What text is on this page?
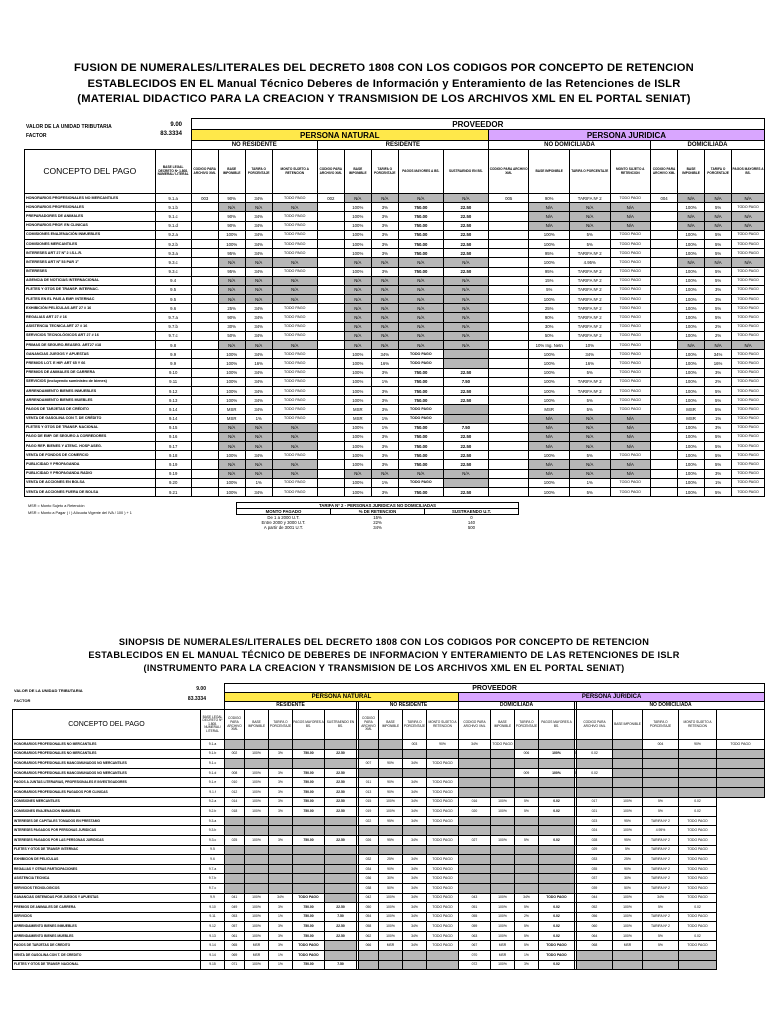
FUSION DE NUMERALES/LITERALES DEL DECRETO 1808 CON LOS CODIGOS POR CONCEPTO DE RETENCION
ESTABLECIDOS EN EL Manual Técnico Deberes de Información y Enteramiento de las Retenciones de ISLR
(MATERIAL DIDACTICO PARA LA CREACION Y TRANSMISION DE LOS ARCHIVOS XML EN EL PORTAL SENIAT)
VALOR DE LA UNIDAD TRIBUTARIA	9.00
FACTOR	83.3334
		PROVEEDOR																
		PERSONA NATURAL									PERSONA JURIDICA							
		NO RESIDENTE				RESIDENTE					NO DOMICILIADA				DOMICILIADA			
CONCEPTO DEL PAGO	BASE LEGAL DECRETO Nº 1.808. NUMERAL/ LITERAL	CODIGO PARA ARCHIVO XML	BASE IMPONIBLE	TARIFA O PORCENTAJE	MONTO SUJETO A RETENCION	CODIGO PARA ARCHIVO XML	BASE IMPONIBLE	TARIFA O PORCENTAJE	PAGOS MAYORES A BS.	SUSTRAENDO EN BS.	CODIGO PARA ARCHIVO XML	BASE IMPONIBLE	TARIFA O PORCENTAJE	MONTO SUJETO A RETENCION	CODIGO PARA ARCHIVO XML	BASE IMPONIBLE	TARIFA O PORCENTAJE	PAGOS MAYORES A BS.
HONORARIOS PROFESIONALES NO MERCANTILES	9.1.a	003	90%	34%	TODO PAGO	002	N/A	N/A	N/A	N/A	005	90%	TARIFA Nº 2	TODO PAGO	004	N/A	N/A	N/A
HONORARIOS PROFESIONALES	9.1.b		N/A	N/A	N/A		100%	3%	750.00	22.50		N/A	N/A	N/A		100%	5%	TODO PAGO
PREPARADORES DE ANIMALES	9.1.c		90%	34%	TODO PAGO		100%	3%	750.00	22.50		N/A	N/A	N/A		N/A	N/A	N/A
HONORARIOS PROF. EN CLINICAS	9.1.d		90%	34%	TODO PAGO		100%	3%	750.00	22.50		N/A	N/A	N/A		N/A	N/A	N/A
COMISIONES ENAJENACIÓN INMUEBLES	9.2.a		100%	34%	TODO PAGO		100%	3%	750.00	22.50		100%	5%	TODO PAGO		100%	5%	TODO PAGO
COMISIONES MERCANTILES	9.2.b		100%	34%	TODO PAGO		100%	3%	750.00	22.50		100%	5%	TODO PAGO		100%	5%	TODO PAGO
INTERESES ART 27 Nº 2 I.S.L.R.	9.3.a		95%	34%	TODO PAGO		100%	3%	750.00	22.50		95%	TARIFA Nº 2	TODO PAGO		100%	5%	TODO PAGO
INTERESES ART Nº 53 PAR 1º	9.3.c		N/A	N/A	N/A		N/A	N/A	N/A	N/A		100%	4.95%	TODO PAGO		N/A	N/A	N/A
INTERESES	9.3.c		95%	34%	TODO PAGO		100%	3%	750.00	22.50		95%	TARIFA Nº 2	TODO PAGO		100%	5%	TODO PAGO
AGENCIA DE NOTICIAS INTERNACIONAL	9.4		N/A	N/A	N/A		N/A	N/A	N/A	N/A		15%	TARIFA Nº 2	TODO PAGO		100%	5%	TODO PAGO
FLETES Y GTOS DE TRANSP. INTERNAC.	9.5		N/A	N/A	N/A		N/A	N/A	N/A	N/A		5%	TARIFA Nº 2	TODO PAGO		100%	3%	TODO PAGO
FLETES EN EL PAIS A EMP. INTERNAC	9.5		N/A	N/A	N/A		N/A	N/A	N/A	N/A		100%	TARIFA Nº 2	TODO PAGO		100%	3%	TODO PAGO
EXHIBICIÓN PELÍCULAS ART 27 # 16	9.6		25%	34%	TODO PAGO		N/A	N/A	N/A	N/A		25%	TARIFA Nº 2	TODO PAGO		100%	5%	TODO PAGO
REGALIAS ART 27 # 16	9.7.a		90%	34%	TODO PAGO		N/A	N/A	N/A	N/A		90%	TARIFA Nº 2	TODO PAGO		100%	5%	TODO PAGO
ASISTENCIA TECNICA ART 27 # 16	9.7.b		30%	34%	TODO PAGO		N/A	N/A	N/A	N/A		30%	TARIFA Nº 2	TODO PAGO		100%	2%	TODO PAGO
SERVICIOS TECNOLÓGICOS ART 27 # 16	9.7.c		50%	34%	TODO PAGO		N/A	N/A	N/A	N/A		50%	TARIFA Nº 2	TODO PAGO		100%	2%	TODO PAGO
PRIMAS DE SEGURO-REASEG. ART27 #18	9.8		N/A	N/A	N/A		N/A	N/A	N/A	N/A		10% Ing. Netn	10%	TODO PAGO		N/A	N/A	N/A
GANANCIAS JUEGOS Y APUESTAS	9.9		100%	34%	TODO PAGO		100%	34%	TODO PAGO			100%	34%	TODO PAGO		100%	34%	TODO PAGO
PREMIOS LOT. E HIP. ART 65 Y 66	9.9		100%	16%	TODO PAGO		100%	16%	TODO PAGO			100%	16%	TODO PAGO		100%	16%	TODO PAGO
PREMIOS DE ANIMALES DE CARRERA	9.10		100%	34%	TODO PAGO		100%	3%	750.00	22.50		100%	5%	TODO PAGO		100%	3%	TODO PAGO
SERVICIOS (incluyendo suministro de bienes)	9.11		100%	34%	TODO PAGO		100%	1%	750.00	7.50		100%	TARIFA Nº 2	TODO PAGO		100%	2%	TODO PAGO
ARRENDAMIENTO BIENES INMUEBLES	9.12		100%	34%	TODO PAGO		100%	3%	750.00	22.50		100%	TARIFA Nº 2	TODO PAGO		100%	5%	TODO PAGO
ARRENDAMIENTO BIENES MUEBLES	9.13		100%	34%	TODO PAGO		100%	3%	750.00	22.50		100%	5%	TODO PAGO		100%	5%	TODO PAGO
PAGOS DE TARJETAS DE CRÉDITO	9.14		MSR	34%	TODO PAGO		MSR	3%	TODO PAGO			MSR	5%	TODO PAGO		MSR	5%	TODO PAGO
VENTA DE GASOLINA CON T. DE CRÉDITO	9.14		MSR	1%	TODO PAGO		MSR	1%	TODO PAGO			N/A	N/A	N/A		MSR	1%	TODO PAGO
FLETES Y GTOS DE TRANSP. NACIONAL	9.15		N/A	N/A	N/A		100%	1%	750.00	7.50		N/A	N/A	N/A		100%	3%	TODO PAGO
PAGO DE EMP. DE SEGURO A CORREDORES	9.16		N/A	N/A	N/A		100%	3%	750.00	22.50		N/A	N/A	N/A		100%	5%	TODO PAGO
PAGO REP. BIENES Y ATENC. HOSP ASEG.	9.17		N/A	N/A	N/A		100%	3%	750.00	22.50		N/A	N/A	N/A		100%	5%	TODO PAGO
VENTA DE FONDOS DE COMERCIO	9.18		100%	34%	TODO PAGO		100%	3%	750.00	22.50		100%	5%	TODO PAGO		100%	5%	TODO PAGO
PUBLICIDAD Y PROPAGANDA	9.19		N/A	N/A	N/A		100%	3%	750.00	22.50		N/A	N/A	N/A		100%	5%	TODO PAGO
PUBLICIDAD Y PROPAGANDA RADIO	9.19		N/A	N/A	N/A		N/A	N/A	N/A	N/A		N/A	N/A	N/A		100%	3%	TODO PAGO
VENTA DE ACCIONES EN BOLSA	9.20		100%	1%	TODO PAGO		100%	1%	TODO PAGO			100%	1%	TODO PAGO		100%	1%	TODO PAGO
VENTA DE ACCIONES FUERA DE BOLSA	9.21		100%	34%	TODO PAGO		100%	3%	750.00	22.50		100%	5%	TODO PAGO		100%	5%	TODO PAGO
MSR = Monto Sujeto a Retención
MSR = Monto a Pagar ( / ) Alícuota Vigente del IVA / 100 ) + 1
TARIFA Nº 2 - PERSONAS JURIDICAS NO DOMICILIADAS		
MONTO PAGADO	% DE RETENCION	SUSTRAENDO U.T.
De 1 a 2000 U.T.	15%	0
Entre 2000 y 3000 U.T.	22%	140
A partir de 3001 U.T.	34%	500
SINOPSIS DE NUMERALES/LITERALES DEL DECRETO 1808 CON LOS CODIGOS POR CONCEPTO DE RETENCION
ESTABLECIDOS EN EL MANUAL TÉCNICO DE DEBERES DE INFORMACION Y ENTERAMIENTO DE LAS RETENCIONES DE ISLR
(INSTRUMENTO PARA LA CREACION Y TRANSMISION DE LOS ARCHIVOS XML EN EL PORTAL SENIAT)
VALOR DE LA UNIDAD TRIBUTARIA	9.00
FACTOR	83.3334
		PROVEEDOR																			
		PERSONA NATURAL										PERSONA JURIDICA									
		RESIDENTE						NO RESIDENTE				DOMICILIADA					NO DOMICILIADA				
CONCEPTO DEL PAGO	BASE LEGAL DECRETO Nº 1.808. NUMERAL/ LITERAL	CODIGO PARA ARCHIVO XML	BASE IMPONIBLE	TARIFA O PORCENTAJE	PAGOS MAYORES A BS.	SUSTRAENDO EN BS.		CODIGO PARA ARCHIVO XML	BASE IMPONIBLE	TARIFA O PORCENTAJE	MONTO SUJETO A RETENCION	CODIGO PARA ARCHIVO XML	BASE IMPONIBLE	TARIFA O PORCENTAJE	PAGOS MAYORES A BS.		CODIGO PARA ARCHIVO XML	BASE IMPONIBLE	TARIFA O PORCENTAJE	MONTO SUJETO A RETENCION	
HONORARIOS PROFESIONALES NO MERCANTILES	9.1.a									003	90%	34%	TODO PAGO						004	90%		TODO PAGO
HONORARIOS PROFESIONALES NO MERCANTILES	9.1.b	002	100%	3%	750.00	22.50								006	100%		0.02					
HONORARIOS PROFESIONALES MANCOMUNADOS NO MERCANTILES	9.1.c							007	90%	34%	TODO PAGO											
HONORARIOS PROFESIONALES MANCOMUNADOS NO MERCANTILES	9.1.d	008	100%	3%	750.00	22.50								009	100%		0.02					
PAGOS A JUNTAS LITERARIAS, PROFESIONALES E INVESTIGADORES	9.1.e	010	100%	3%	750.00	22.50		011	90%	34%	TODO PAGO											
HONORARIOS PROFESIONALES PAGADOS POR CLINICAS	9.1.f	012	100%	3%	750.00	22.50		013	90%	34%	TODO PAGO											
COMISIONES MERCANTILES	9.2.a	014	100%	3%	750.00	22.50		015	100%	34%	TODO PAGO	016	100%	5%	0.02		017	100%	5%	0.02	
COMISIONES ENAJENACION INMUEBLES	9.2.b	018	100%	3%	750.00	22.50		019	100%	34%	TODO PAGO	020	100%	5%	0.02		021	100%	5%	0.02	
INTERESES DE CAPITALES TOMADOS EN PRESTAMO	9.3.a							022	95%	34%	TODO PAGO						023	95%	TARIFA Nº 2	TODO PAGO	
INTERESES PAGADOS POR PERSONAS JURIDICAS	9.3.b																024	100%	4.95%	TODO PAGO	
INTERESES PAGADOS POR LAS PERSONAS JURIDICAS	9.3.c	025	100%	3%	750.00	22.50		026	95%	34%	TODO PAGO	027	100%	5%	0.02		028	95%	TARIFA Nº 2	TODO PAGO	
FLETES Y GTOS DE TRANSP. INTERNAC	9.5																029	5%	TARIFA Nº 2	TODO PAGO	
EXHIBICION DE PELICULAS	9.6							032	25%	34%	TODO PAGO						033	25%	TARIFA Nº 2	TODO PAGO	
REGALIAS Y OTRAS PARTICIPACIONES	9.7.a							034	90%	34%	TODO PAGO						035	90%	TARIFA Nº 2	TODO PAGO	
ASISTENCIA TECNICA	9.7.b							036	30%	34%	TODO PAGO						037	30%	TARIFA Nº 2	TODO PAGO	
SERVICIOS TECNOLOGICOS	9.7.c							038	50%	34%	TODO PAGO						039	50%	TARIFA Nº 2	TODO PAGO	
GANANCIAS OBTENIDAS POR JUEGOS Y APUESTAS	9.9	041	100%	34%	TODO PAGO			042	100%	34%	TODO PAGO	043	100%	34%	TODO PAGO		044	100%	34%	TODO PAGO	
PREMIOS DE ANIMALES DE CARRERA	9.10	049	100%	3%	750.00	22.50		050	100%	34%	TODO PAGO	051	100%	5%	0.02		052	100%	5%	0.02	
SERVICIOS	9.11	053	100%	1%	750.00	7.50		054	100%	34%	TODO PAGO	055	100%	2%	0.02		056	100%	TARIFA Nº 2	TODO PAGO	
ARRENDAMIENTO BIENES INMUEBLES	9.12	057	100%	3%	750.00	22.50		058	100%	34%	TODO PAGO	059	100%	5%	0.02		060	100%	TARIFA Nº 2	TODO PAGO	
ARRENDAMIENTO BIENES MUEBLES	9.13	061	100%	3%	750.00	22.50		062	100%	34%	TODO PAGO	063	100%	5%	0.02		064	100%	5%	0.02	
PAGOS DE TARJETAS DE CREDITO	9.14	065	MSR	3%	TODO PAGO			066	MSR	34%	TODO PAGO	067	MSR	5%	TODO PAGO		068	MSR	5%	TODO PAGO	
VENTA DE GASOLINA CON T. DE CREDITO	9.14	069	MSR	1%	TODO PAGO							070	MSR	1%	TODO PAGO						
FLETES Y GTOS DE TRANSP. NACIONAL	9.15	071	100%	1%	750.00	7.50						072	100%	3%	0.02						
